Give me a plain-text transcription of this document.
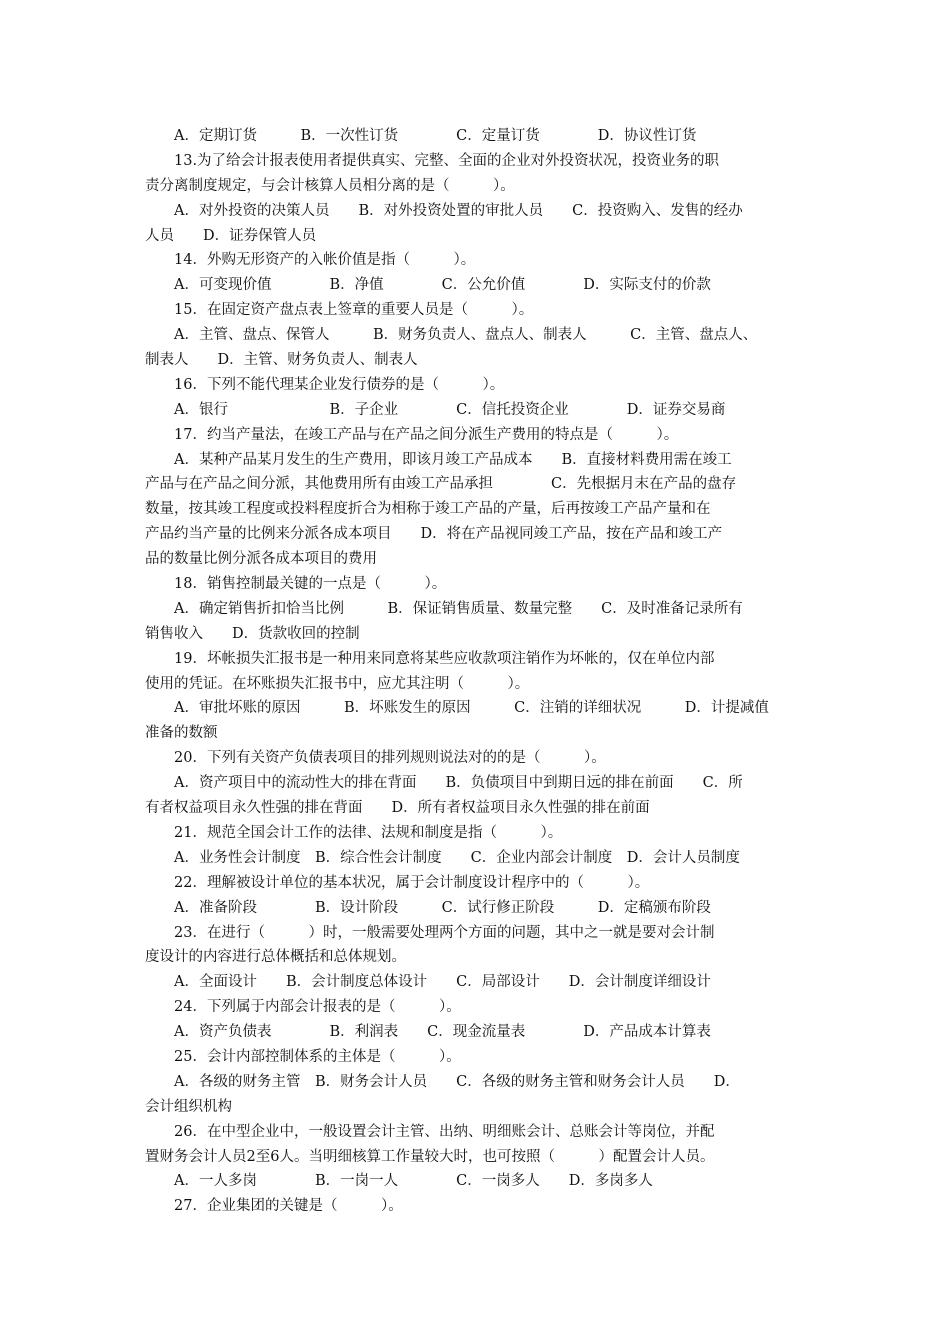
A．定期订货　　　B．一次性订货　　　　C．定量订货　　　　D．协议性订货
13.为了给会计报表使用者提供真实、完整、全面的企业对外投资状况，投资业务的职
责分离制度规定，与会计核算人员相分离的是（　　　）。
A．对外投资的决策人员　　B．对外投资处置的审批人员　　C．投资购入、发售的经办
人员　　D．证券保管人员
14．外购无形资产的入帐价值是指（　　　）。
A．可变现价值　　　　B．净值　　　　C．公允价值　　　　D．实际支付的价款
15．在固定资产盘点表上签章的重要人员是（　　　）。
A．主管、盘点、保管人　　　B．财务负责人、盘点人、制表人　　　C．主管、盘点人、
制表人　　D．主管、财务负责人、制表人
16．下列不能代理某企业发行债券的是（　　　）。
A．银行　　　　　　　B．子企业　　　　C．信托投资企业　　　　D．证券交易商
17．约当产量法，在竣工产品与在产品之间分派生产费用的特点是（　　　）。
A．某种产品某月发生的生产费用，即该月竣工产品成本　　B．直接材料费用需在竣工
产品与在产品之间分派，其他费用所有由竣工产品承担　　　　C．先根据月末在产品的盘存
数量，按其竣工程度或投料程度折合为相称于竣工产品的产量，后再按竣工产品产量和在
产品约当产量的比例来分派各成本项目　　D．将在产品视同竣工产品，按在产品和竣工产
品的数量比例分派各成本项目的费用
18．销售控制最关键的一点是（　　　）。
A．确定销售折扣恰当比例　　　B．保证销售质量、数量完整　　C．及时准备记录所有
销售收入　　D．货款收回的控制
19．坏帐损失汇报书是一种用来同意将某些应收款项注销作为坏帐的，仅在单位内部
使用的凭证。在坏账损失汇报书中，应尤其注明（　　　）。
A．审批坏账的原因　　　B．坏账发生的原因　　　C．注销的详细状况　　　D．计提减值
准备的数额
20．下列有关资产负债表项目的排列规则说法对的的是（　　　）。
A．资产项目中的流动性大的排在背面　　B．负债项目中到期日远的排在前面　　C．所
有者权益项目永久性强的排在背面　　D．所有者权益项目永久性强的排在前面
21．规范全国会计工作的法律、法规和制度是指（　　　）。
A．业务性会计制度　B．综合性会计制度　　C．企业内部会计制度　D．会计人员制度
22．理解被设计单位的基本状况，属于会计制度设计程序中的（　　　）。
A．准备阶段　　　　B．设计阶段　　　C．试行修正阶段　　　D．定稿颁布阶段
23．在进行（　　　）时，一般需要处理两个方面的问题，其中之一就是要对会计制
度设计的内容进行总体概括和总体规划。
A．全面设计　　B．会计制度总体设计　　C．局部设计　　D．会计制度详细设计
24．下列属于内部会计报表的是（　　　）。
A．资产负债表　　　　B．利润表　　C．现金流量表　　　　D．产品成本计算表
25．会计内部控制体系的主体是（　　　）。
A．各级的财务主管　B．财务会计人员　　C．各级的财务主管和财务会计人员　　D．
会计组织机构
26．在中型企业中，一般设置会计主管、出纳、明细账会计、总账会计等岗位，并配
置财务会计人员2至6人。当明细核算工作量较大时，也可按照（　　　）配置会计人员。
A．一人多岗　　　　B．一岗一人　　　　C．一岗多人　　D．多岗多人
27．企业集团的关键是（　　　）。
